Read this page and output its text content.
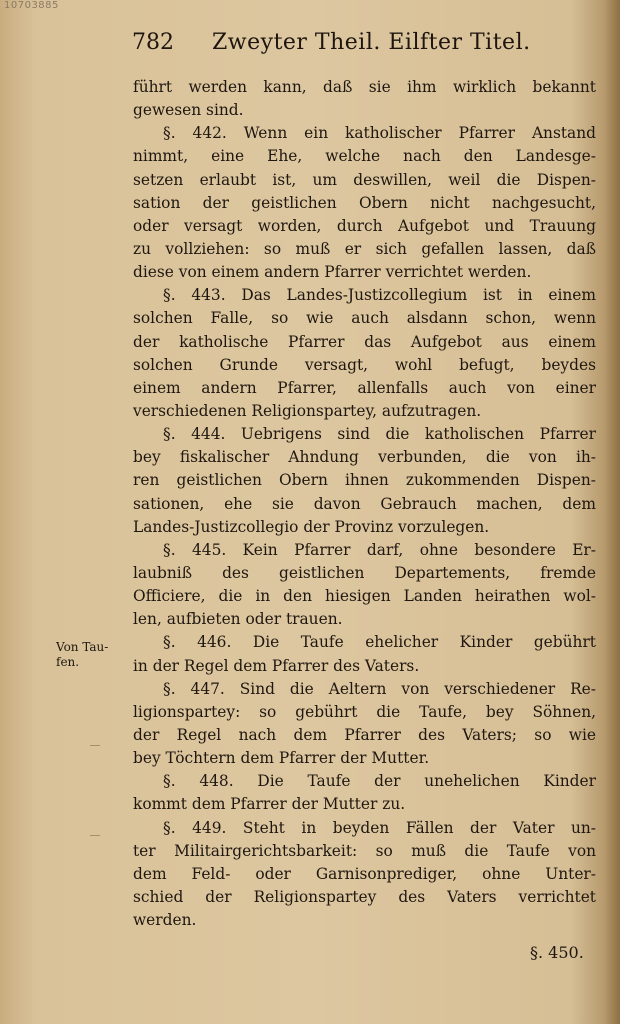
10703885
782 Zweyter Theil. Eilfter Titel.
Von Tau-
fen.
führt werden kann, daß sie ihm wirklich bekannt
gewesen sind.
§. 442. Wenn ein katholischer Pfarrer Anstand
nimmt, eine Ehe, welche nach den Landesge-
setzen erlaubt ist, um deswillen, weil die Dispen-
sation der geistlichen Obern nicht nachgesucht,
oder versagt worden, durch Aufgebot und Trauung
zu vollziehen: so muß er sich gefallen lassen, daß
diese von einem andern Pfarrer verrichtet werden.
§. 443. Das Landes-Justizcollegium ist in einem
solchen Falle, so wie auch alsdann schon, wenn
der katholische Pfarrer das Aufgebot aus einem
solchen Grunde versagt, wohl befugt, beydes
einem andern Pfarrer, allenfalls auch von einer
verschiedenen Religionspartey, aufzutragen.
§. 444. Uebrigens sind die katholischen Pfarrer
bey fiskalischer Ahndung verbunden, die von ih-
ren geistlichen Obern ihnen zukommenden Dispen-
sationen, ehe sie davon Gebrauch machen, dem
Landes-Justizcollegio der Provinz vorzulegen.
§. 445. Kein Pfarrer darf, ohne besondere Er-
laubniß des geistlichen Departements, fremde
Officiere, die in den hiesigen Landen heirathen wol-
len, aufbieten oder trauen.
§. 446. Die Taufe ehelicher Kinder gebührt
in der Regel dem Pfarrer des Vaters.
§. 447. Sind die Aeltern von verschiedener Re-
ligionspartey: so gebührt die Taufe, bey Söhnen,
der Regel nach dem Pfarrer des Vaters; so wie
bey Töchtern dem Pfarrer der Mutter.
§. 448. Die Taufe der unehelichen Kinder
kommt dem Pfarrer der Mutter zu.
§. 449. Steht in beyden Fällen der Vater un-
ter Militairgerichtsbarkeit: so muß die Taufe von
dem Feld- oder Garnisonprediger, ohne Unter-
schied der Religionspartey des Vaters verrichtet
werden.
§. 450.
